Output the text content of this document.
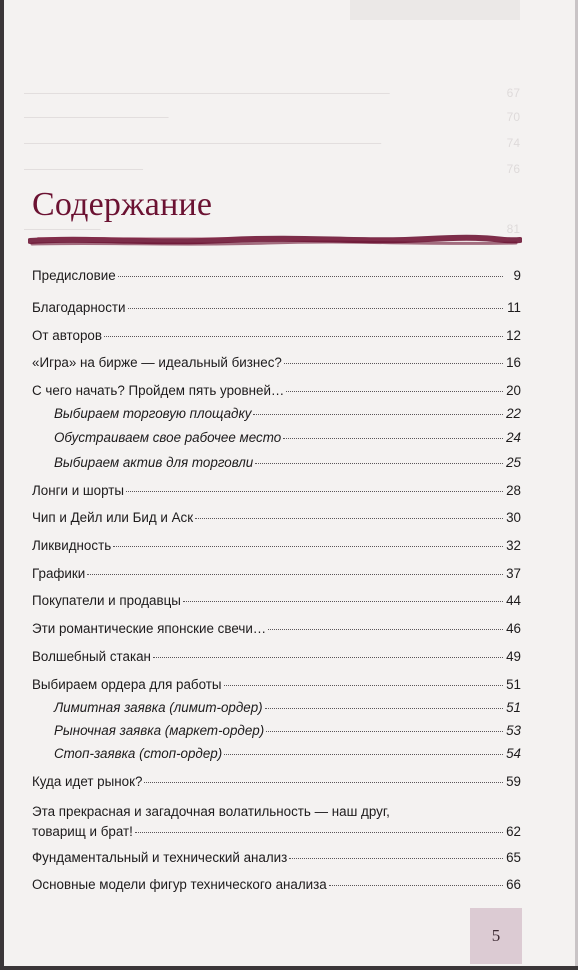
───────────────────────────────────────────	67
─────────────────	70
──────────────────────────────────────────	74
──────────────	76
─────────	81
Содержание
Предисловие	9
Благодарности	11
От авторов	12
«Игра» на бирже — идеальный бизнес?	16
С чего начать? Пройдем пять уровней…	20
Выбираем торговую площадку	22
Обустраиваем свое рабочее место	24
Выбираем актив для торговли	25
Лонги и шорты	28
Чип и Дейл или Бид и Аск	30
Ликвидность	32
Графики	37
Покупатели и продавцы	44
Эти романтические японские свечи…	46
Волшебный стакан	49
Выбираем ордера для работы	51
Лимитная заявка (лимит-ордер)	51
Рыночная заявка (маркет-ордер)	53
Стоп-заявка (стоп-ордер)	54
Куда идет рынок?	59
Эта прекрасная и загадочная волатильность — наш друг,
товарищ и брат!	62
Фундаментальный и технический анализ	65
Основные модели фигур технического анализа	66
5
